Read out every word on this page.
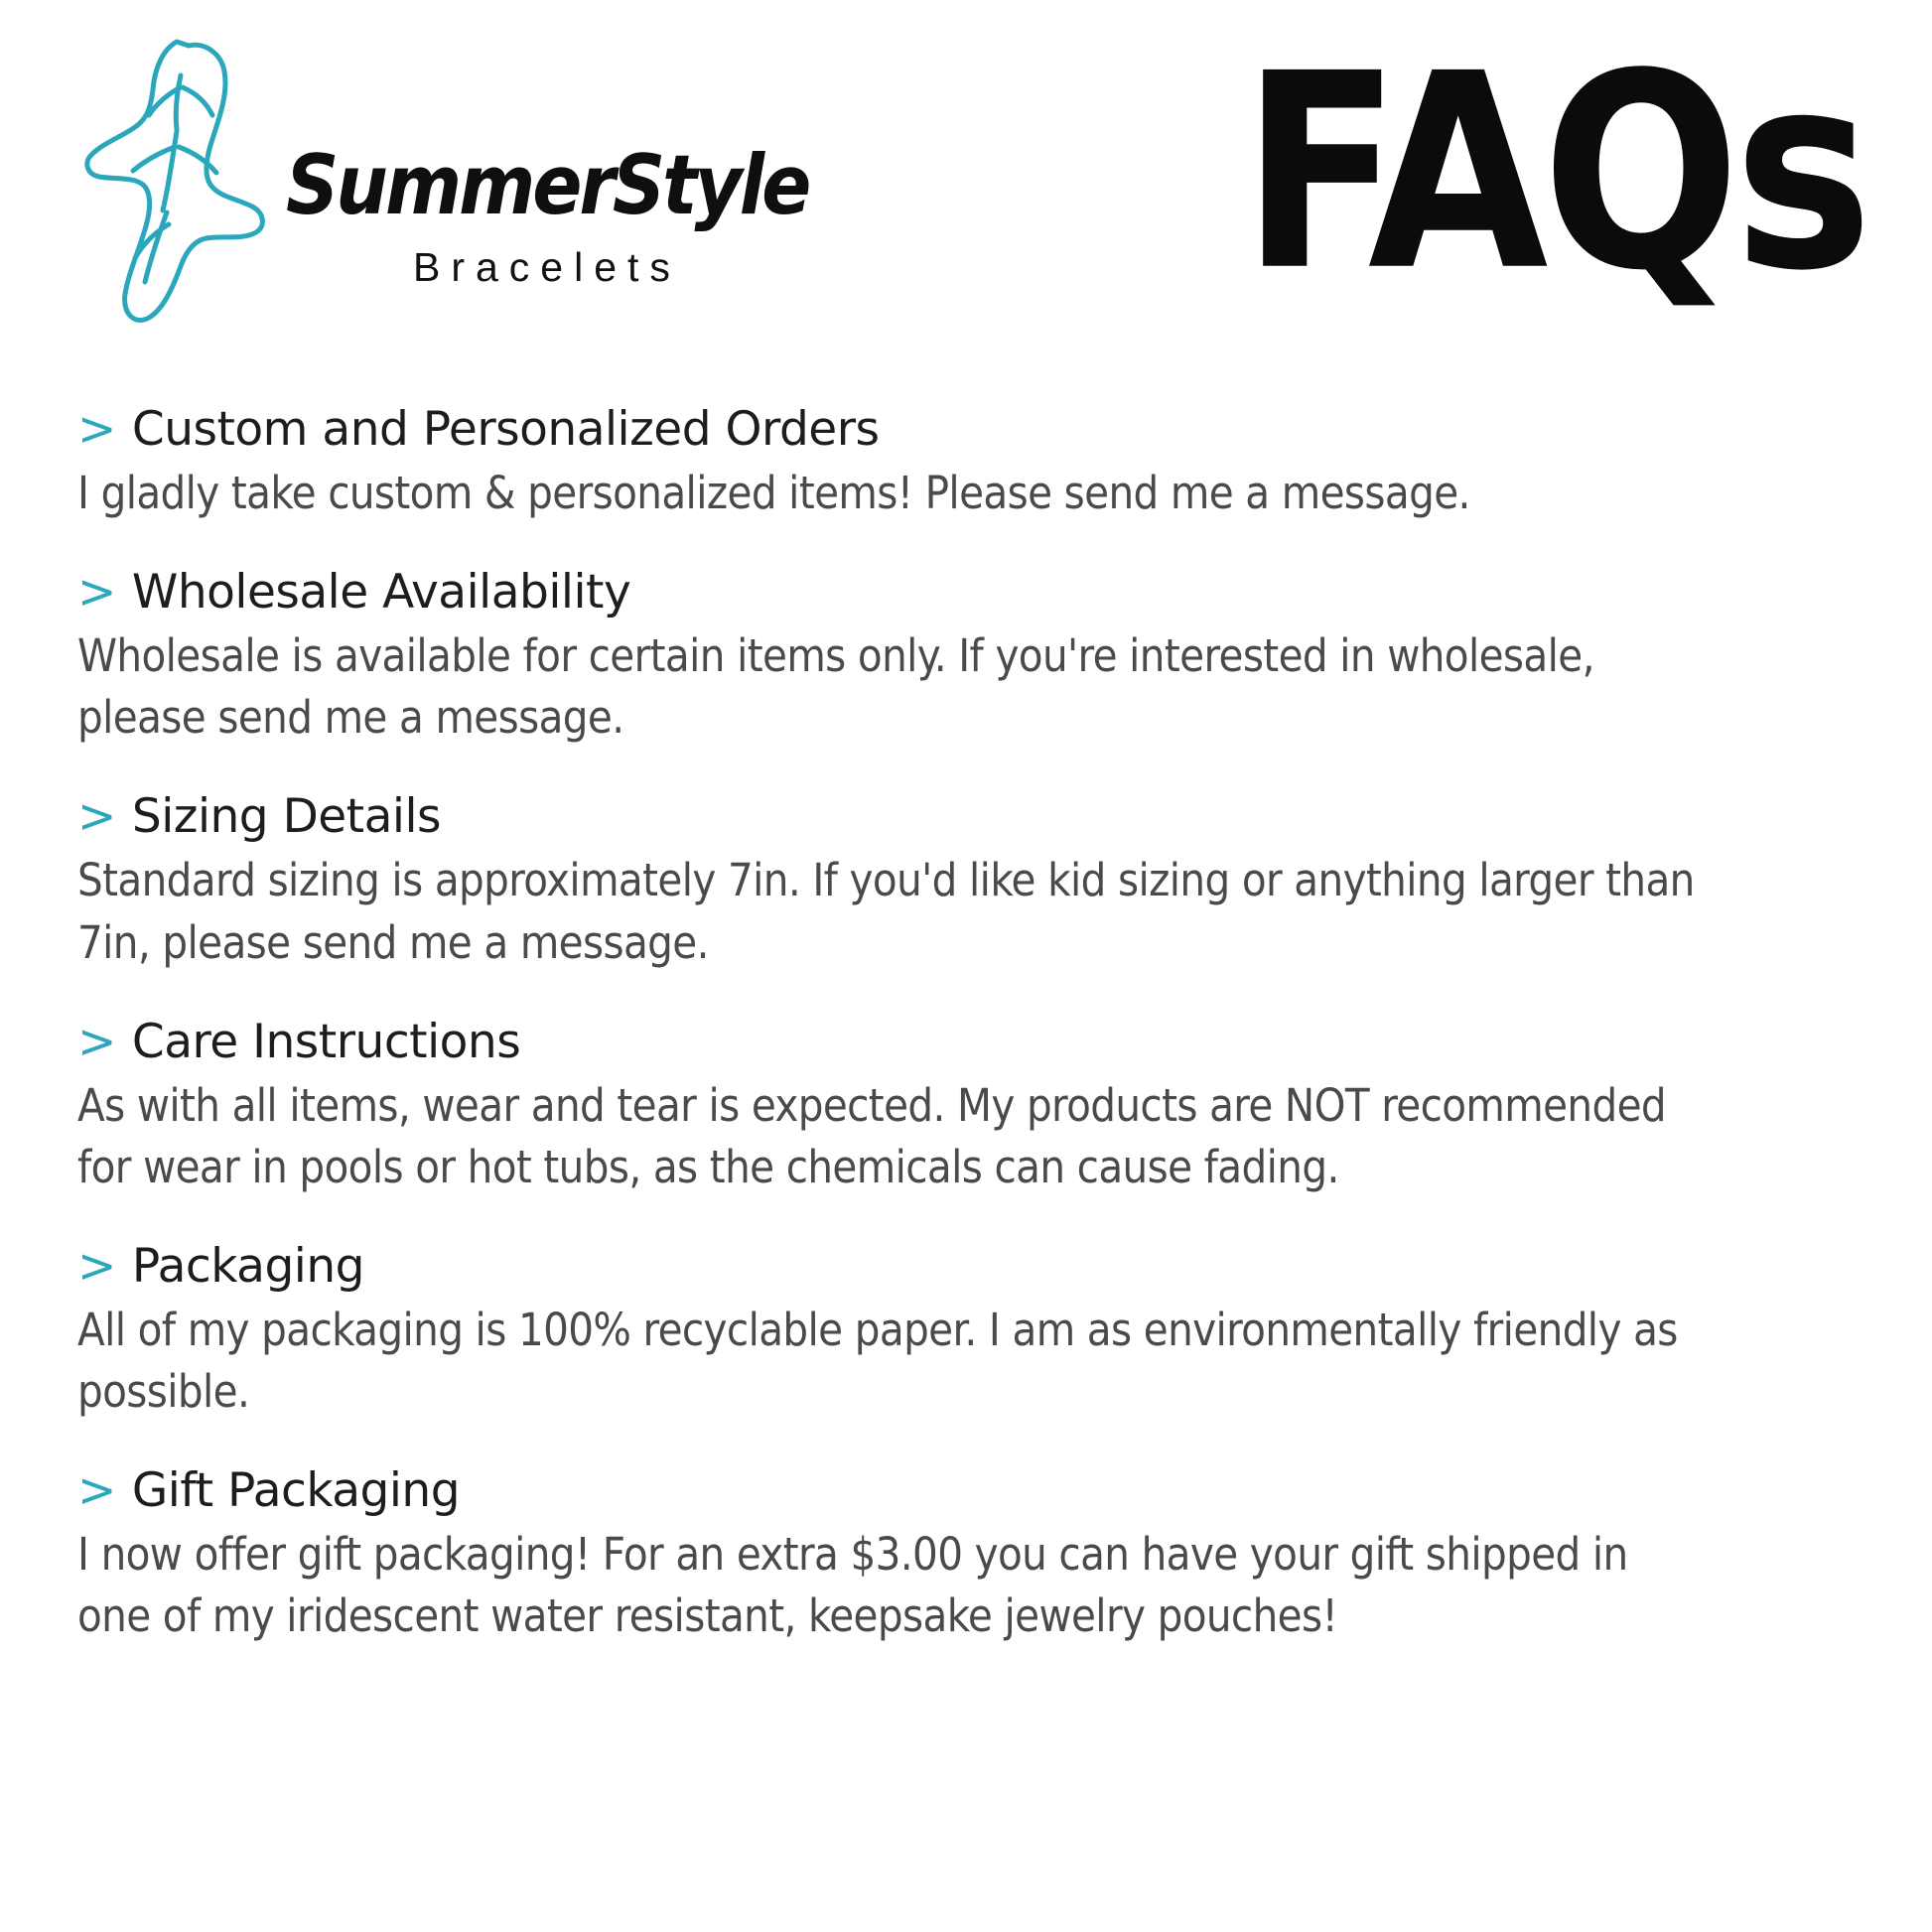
SummerStyle
Bracelets	FAQs
> Custom and Personalized Orders
I gladly take custom & personalized items! Please send me a message.
> Wholesale Availability
Wholesale is available for certain items only. If you're interested in wholesale, please send me a message.
> Sizing Details
Standard sizing is approximately 7in. If you'd like kid sizing or anything larger than 7in, please send me a message.
> Care Instructions
As with all items, wear and tear is expected. My products are NOT recommended for wear in pools or hot tubs, as the chemicals can cause fading.
> Packaging
All of my packaging is 100% recyclable paper. I am as environmentally friendly as possible.
> Gift Packaging
I now offer gift packaging! For an extra $3.00 you can have your gift shipped in one of my iridescent water resistant, keepsake jewelry pouches!
